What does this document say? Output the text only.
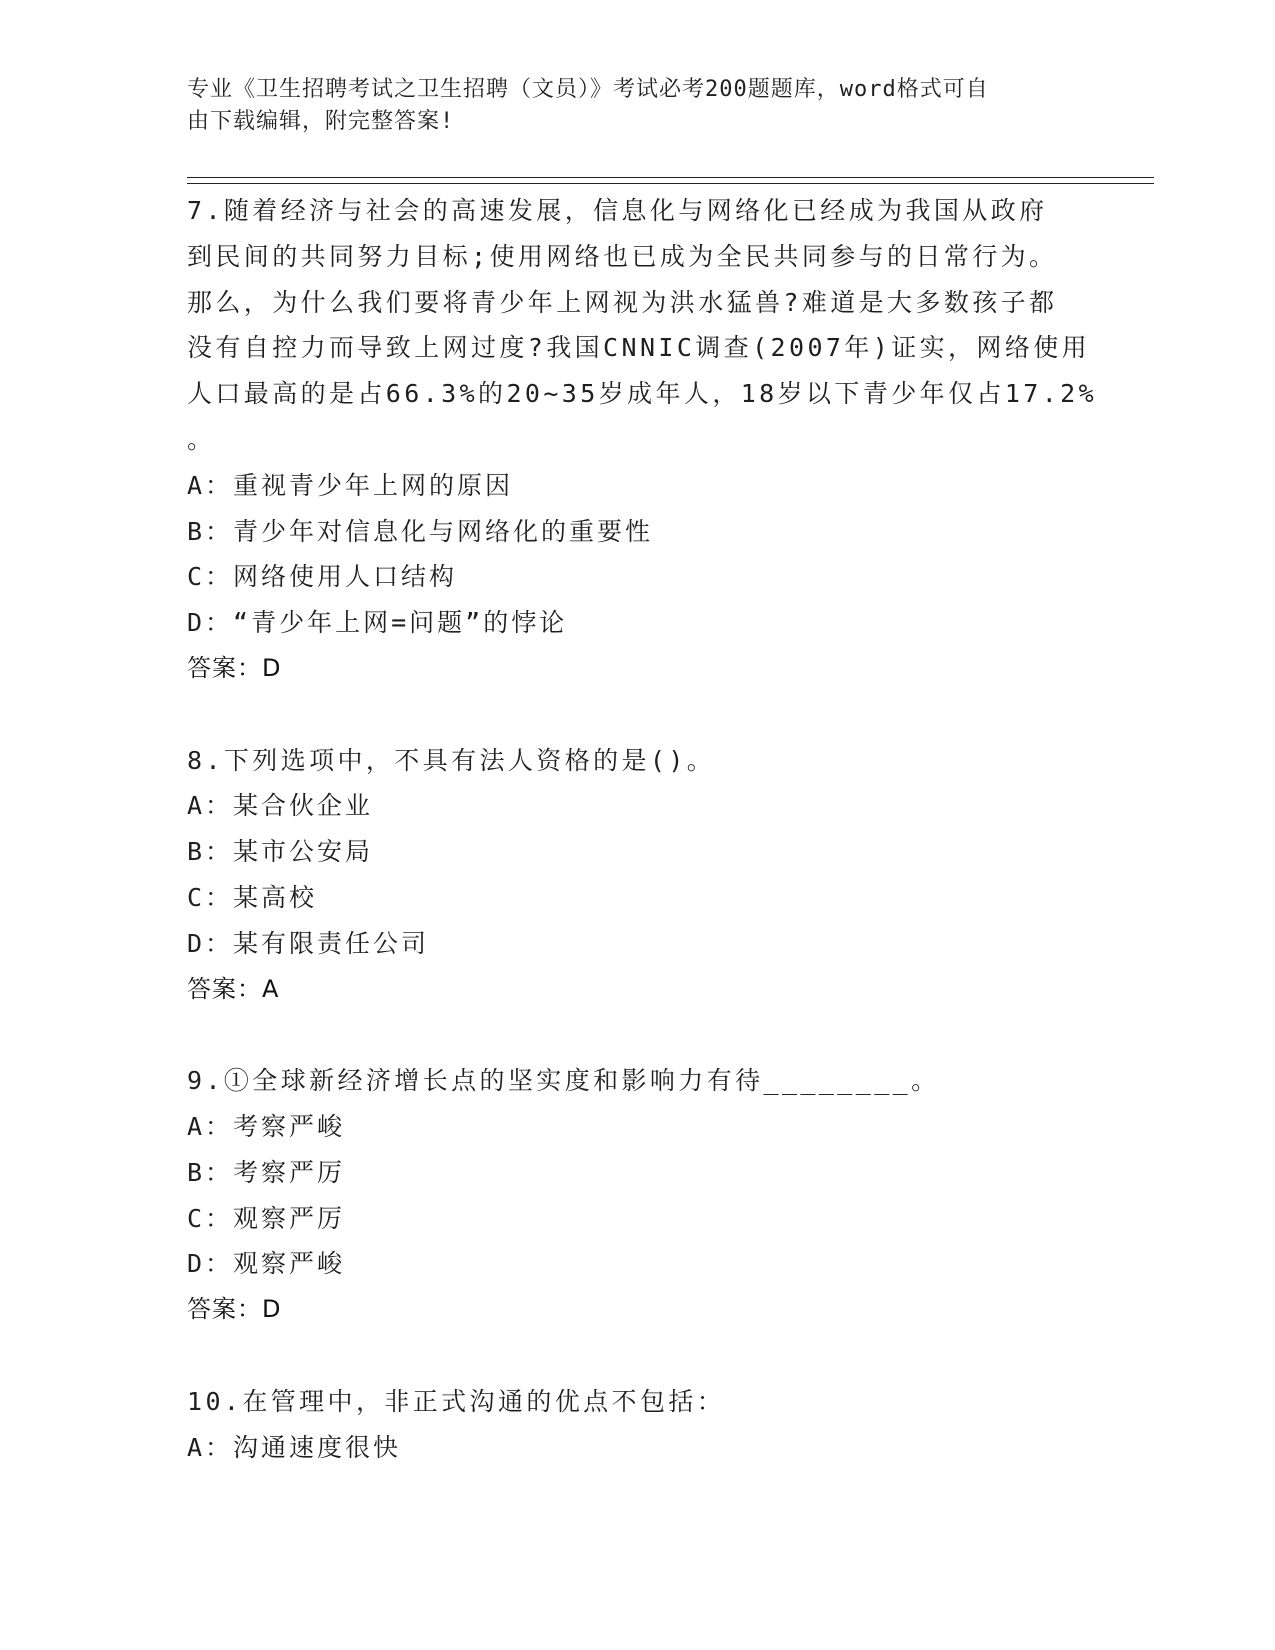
专业《卫生招聘考试之卫生招聘（文员）》考试必考200题题库，word格式可自
由下载编辑，附完整答案!
7.随着经济与社会的高速发展，信息化与网络化已经成为我国从政府
到民间的共同努力目标;使用网络也已成为全民共同参与的日常行为。
那么，为什么我们要将青少年上网视为洪水猛兽?难道是大多数孩子都
没有自控力而导致上网过度?我国CNNIC调查(2007年)证实，网络使用
人口最高的是占66.3%的20~35岁成年人，18岁以下青少年仅占17.2%
。
A：重视青少年上网的原因
B：青少年对信息化与网络化的重要性
C：网络使用人口结构
D：“青少年上网=问题”的悖论
答案：D
8.下列选项中，不具有法人资格的是()。
A：某合伙企业
B：某市公安局
C：某高校
D：某有限责任公司
答案：A
9.①全球新经济增长点的坚实度和影响力有待________。
A：考察严峻
B：考察严厉
C：观察严厉
D：观察严峻
答案：D
10.在管理中，非正式沟通的优点不包括：
A：沟通速度很快
